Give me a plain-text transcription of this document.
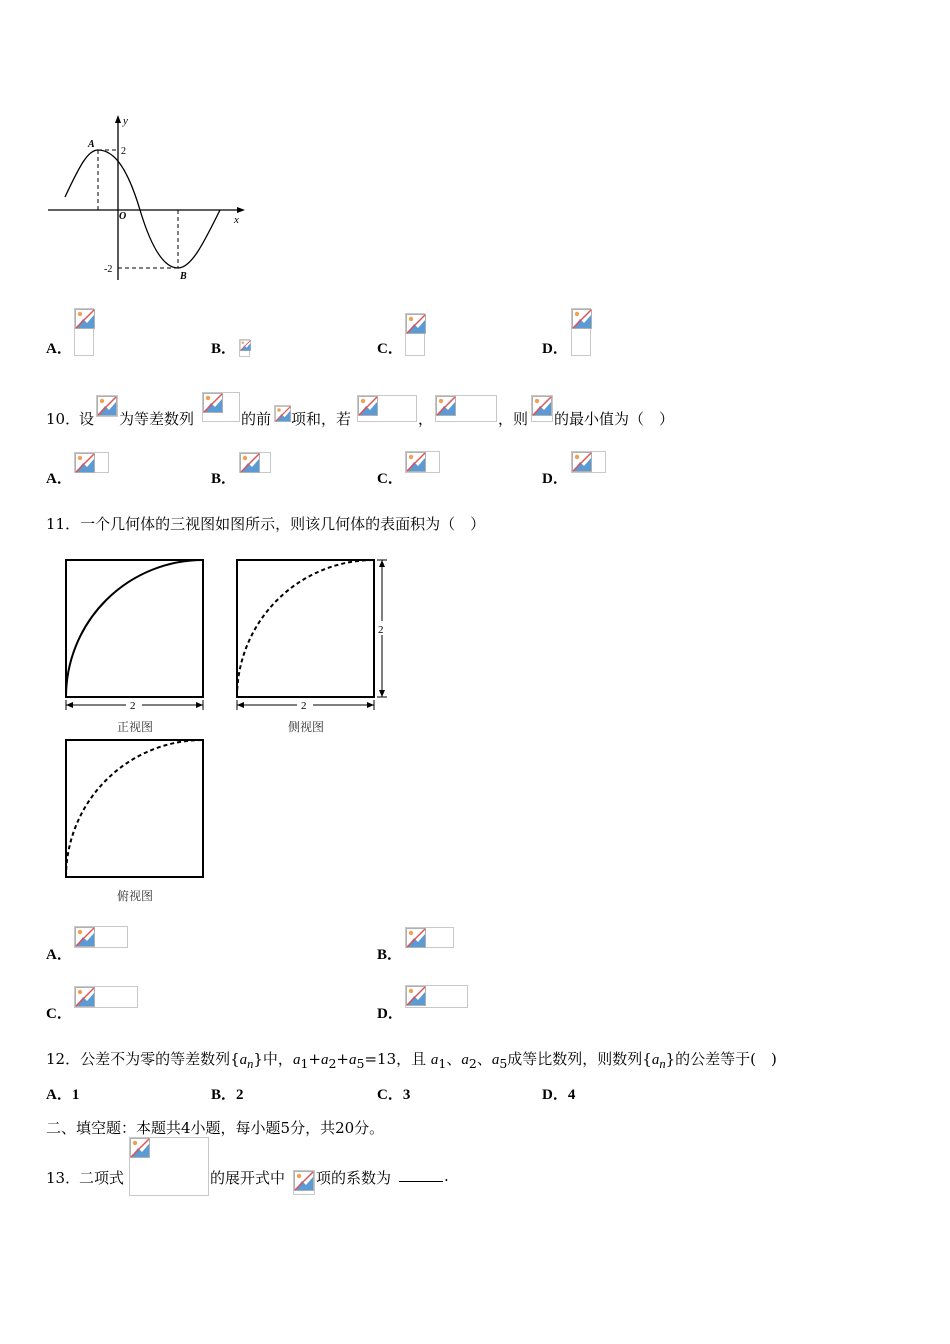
y
x
O
A
B
2
-2
A．	B．	C．	D．
10．
设 为等差数列	的前 项和，若	，	，则 的最小值为（　）
A．	B．	C．	D．
11．一个几何体的三视图如图所示，则该几何体的表面积为（　）
2
正视图
2
2
侧视图
俯视图
A．	B．
C．	D．
12．公差不为零的等差数列$\{a_n\}$中，$a_1+a_2+a_5=13$，且 $a_1$、$a_2$、$a_5$成等比数列，则数列$\{a_n\}$的公差等于(　)
A．1	B．2	C．3	D．4
二、填空题：本题共4小题，每小题5分，共20分。
13．
二项式	的展开式中 项的系数为	.
